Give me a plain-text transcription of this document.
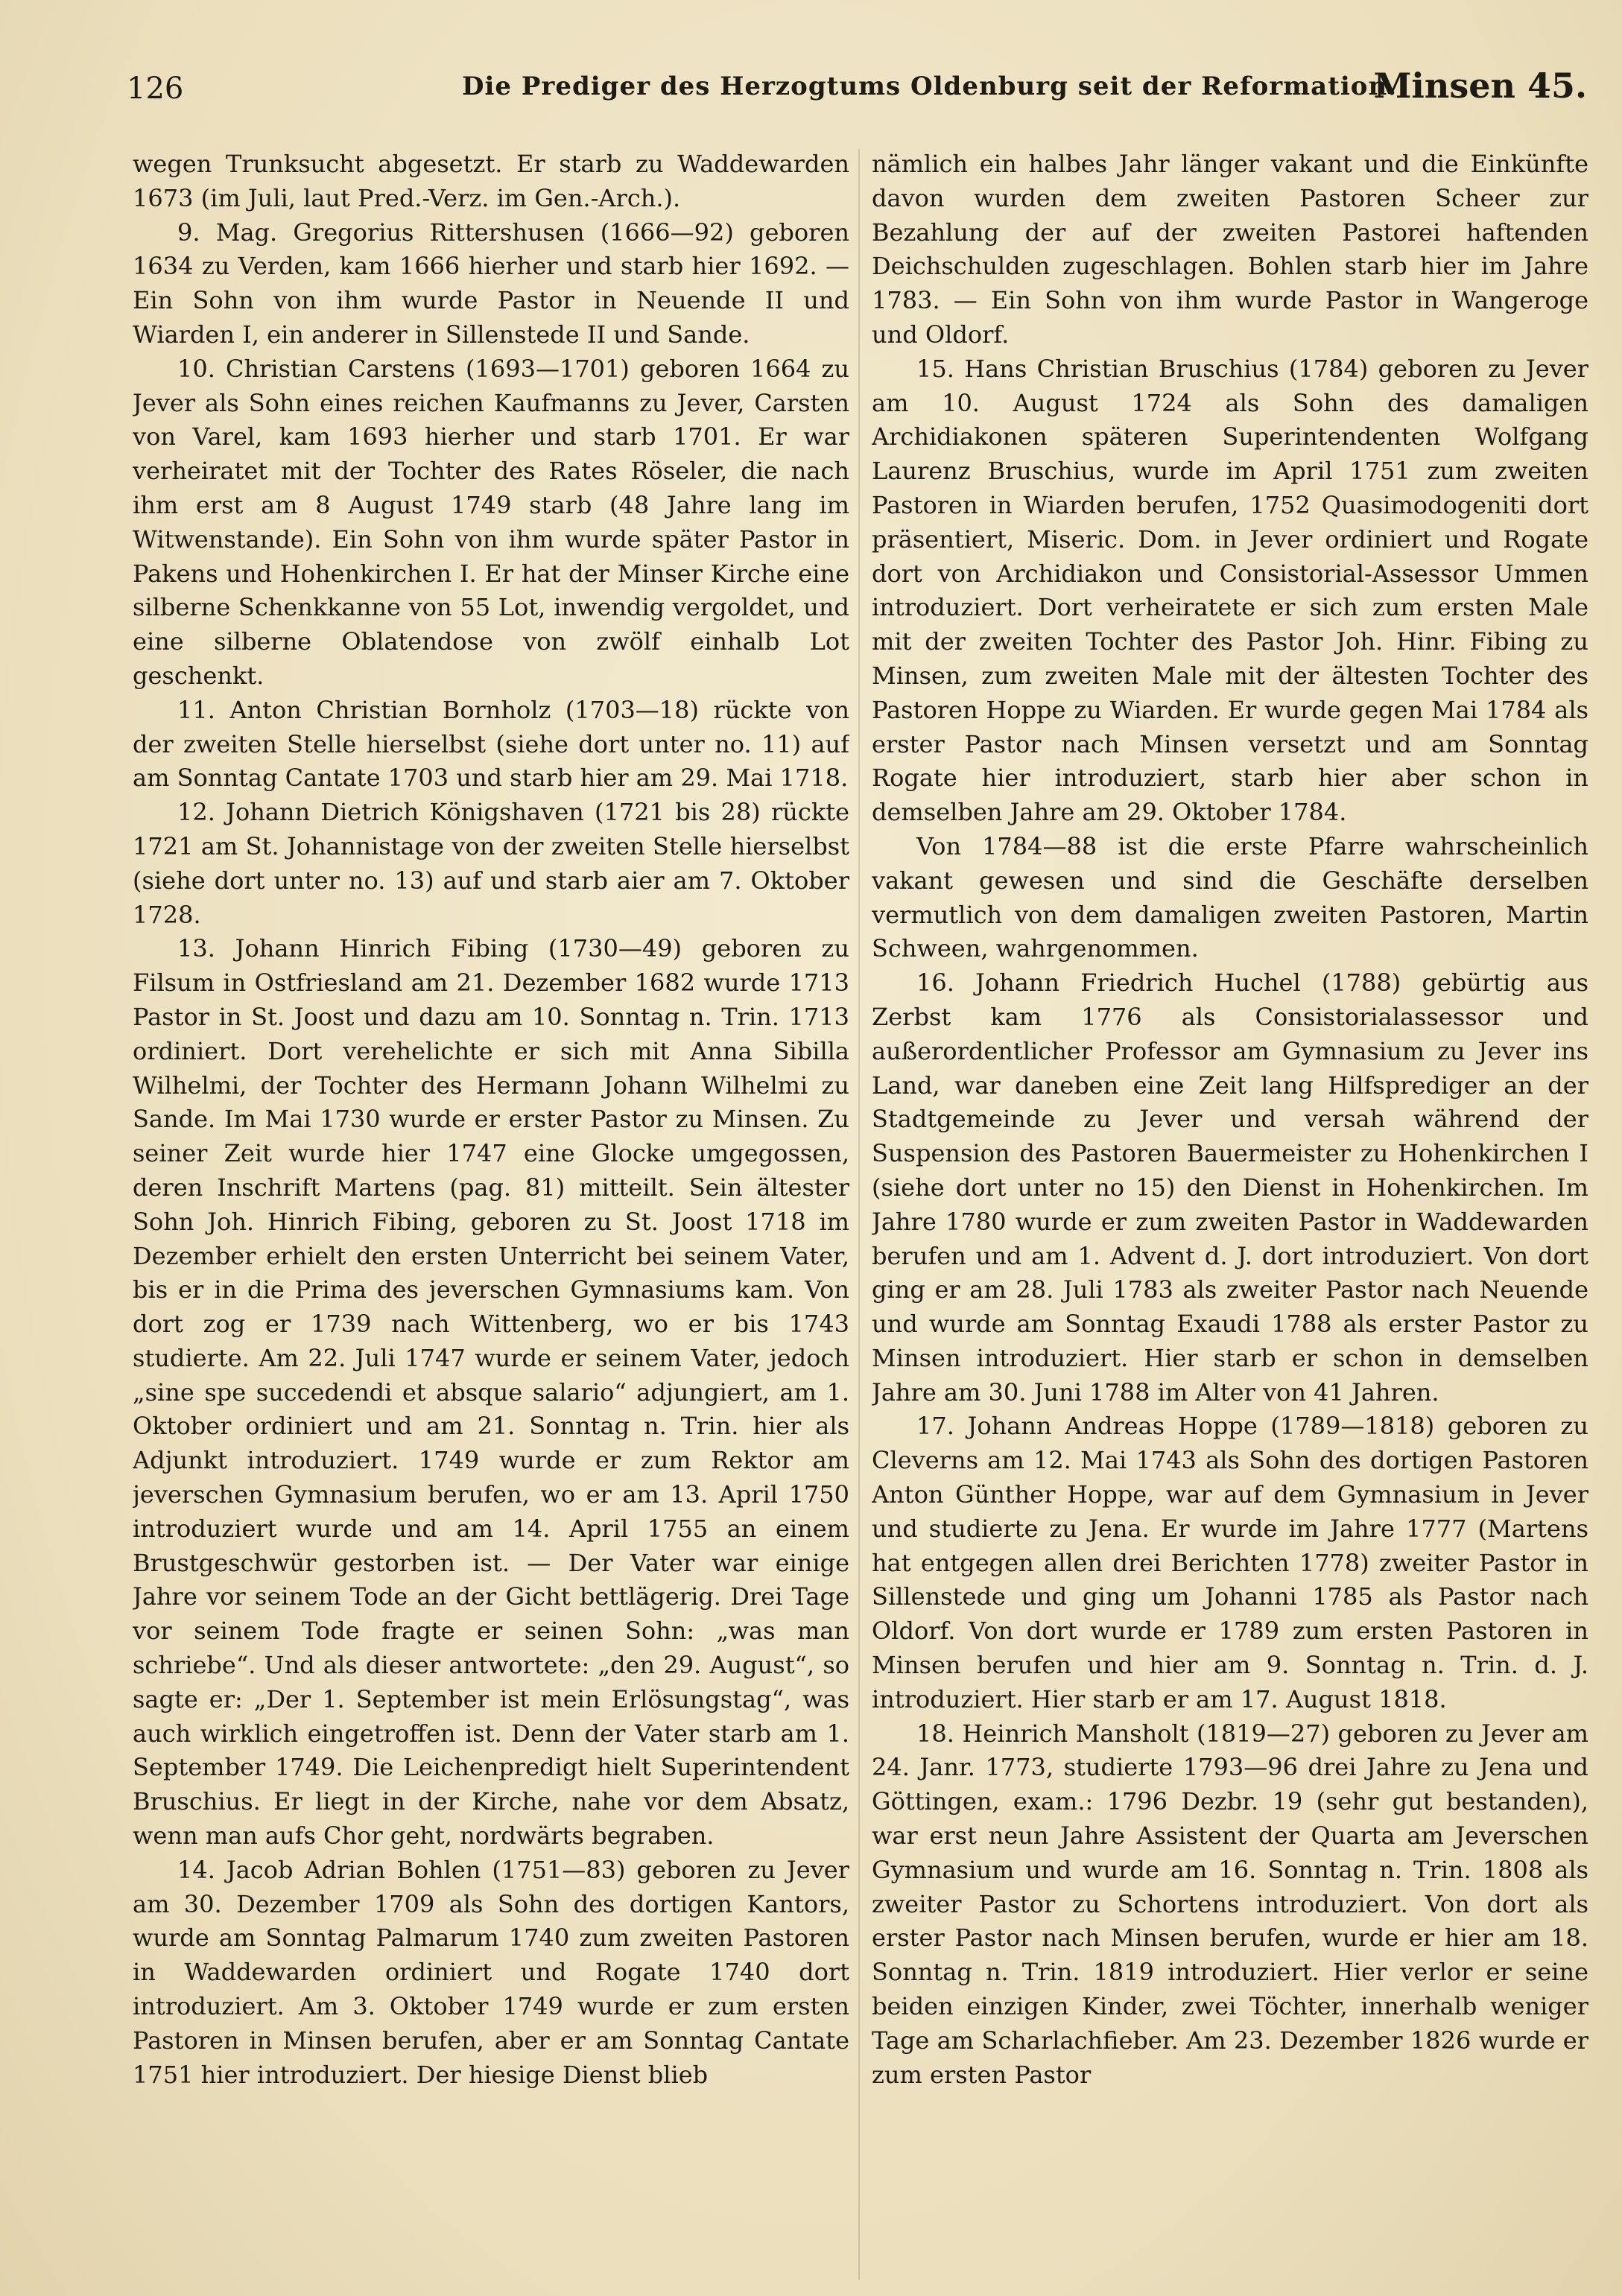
126	Die Prediger des Herzogtums Oldenburg seit der Reformation.
Minsen 45.

wegen Trunksucht abgesetzt. Er starb zu Waddewarden 1673 (im Juli, laut Pred.-Verz. im Gen.-Arch.).

9. Mag. Gregorius Rittershusen (1666—92) geboren 1634 zu Verden, kam 1666 hierher und starb hier 1692. — Ein Sohn von ihm wurde Pastor in Neuende II und Wiarden I, ein anderer in Sillenstede II und Sande.

10. Christian Carstens (1693—1701) geboren 1664 zu Jever als Sohn eines reichen Kaufmanns zu Jever, Carsten von Varel, kam 1693 hierher und starb 1701. Er war verheiratet mit der Tochter des Rates Röseler, die nach ihm erst am 8 August 1749 starb (48 Jahre lang im Witwenstande). Ein Sohn von ihm wurde später Pastor in Pakens und Hohenkirchen I. Er hat der Minser Kirche eine silberne Schenkkanne von 55 Lot, inwendig vergoldet, und eine silberne Oblatendose von zwölf einhalb Lot geschenkt.

11. Anton Christian Bornholz (1703—18) rückte von der zweiten Stelle hierselbst (siehe dort unter no. 11) auf am Sonntag Cantate 1703 und starb hier am 29. Mai 1718.

12. Johann Dietrich Königshaven (1721 bis 28) rückte 1721 am St. Johannistage von der zweiten Stelle hierselbst (siehe dort unter no. 13) auf und starb aier am 7. Oktober 1728.

13. Johann Hinrich Fibing (1730—49) geboren zu Filsum in Ostfriesland am 21. Dezember 1682 wurde 1713 Pastor in St. Joost und dazu am 10. Sonntag n. Trin. 1713 ordiniert. Dort verehelichte er sich mit Anna Sibilla Wilhelmi, der Tochter des Hermann Johann Wilhelmi zu Sande. Im Mai 1730 wurde er erster Pastor zu Minsen. Zu seiner Zeit wurde hier 1747 eine Glocke umgegossen, deren Inschrift Martens (pag. 81) mitteilt. Sein ältester Sohn Joh. Hinrich Fibing, geboren zu St. Joost 1718 im Dezember erhielt den ersten Unterricht bei seinem Vater, bis er in die Prima des jeverschen Gymnasiums kam. Von dort zog er 1739 nach Wittenberg, wo er bis 1743 studierte. Am 22. Juli 1747 wurde er seinem Vater, jedoch „sine spe succedendi et absque salario“ adjungiert, am 1. Oktober ordiniert und am 21. Sonntag n. Trin. hier als Adjunkt introduziert. 1749 wurde er zum Rektor am jeverschen Gymnasium berufen, wo er am 13. April 1750 introduziert wurde und am 14. April 1755 an einem Brustgeschwür gestorben ist. — Der Vater war einige Jahre vor seinem Tode an der Gicht bettlägerig. Drei Tage vor seinem Tode fragte er seinen Sohn: „was man schriebe“. Und als dieser antwortete: „den 29. August“, so sagte er: „Der 1. September ist mein Erlösungstag“, was auch wirklich eingetroffen ist. Denn der Vater starb am 1. September 1749. Die Leichenpredigt hielt Superintendent Bruschius. Er liegt in der Kirche, nahe vor dem Absatz, wenn man aufs Chor geht, nordwärts begraben.

14. Jacob Adrian Bohlen (1751—83) geboren zu Jever am 30. Dezember 1709 als Sohn des dortigen Kantors, wurde am Sonntag Palmarum 1740 zum zweiten Pastoren in Waddewarden ordiniert und Rogate 1740 dort introduziert. Am 3. Oktober 1749 wurde er zum ersten Pastoren in Minsen berufen, aber er am Sonntag Cantate 1751 hier introduziert. Der hiesige Dienst blieb

nämlich ein halbes Jahr länger vakant und die Einkünfte davon wurden dem zweiten Pastoren Scheer zur Bezahlung der auf der zweiten Pastorei haftenden Deichschulden zugeschlagen. Bohlen starb hier im Jahre 1783. — Ein Sohn von ihm wurde Pastor in Wangeroge und Oldorf.

15. Hans Christian Bruschius (1784) geboren zu Jever am 10. August 1724 als Sohn des damaligen Archidiakonen späteren Superintendenten Wolfgang Laurenz Bruschius, wurde im April 1751 zum zweiten Pastoren in Wiarden berufen, 1752 Quasimodogeniti dort präsentiert, Miseric. Dom. in Jever ordiniert und Rogate dort von Archidiakon und Consistorial-Assessor Ummen introduziert. Dort verheiratete er sich zum ersten Male mit der zweiten Tochter des Pastor Joh. Hinr. Fibing zu Minsen, zum zweiten Male mit der ältesten Tochter des Pastoren Hoppe zu Wiarden. Er wurde gegen Mai 1784 als erster Pastor nach Minsen versetzt und am Sonntag Rogate hier introduziert, starb hier aber schon in demselben Jahre am 29. Oktober 1784.

Von 1784—88 ist die erste Pfarre wahrscheinlich vakant gewesen und sind die Geschäfte derselben vermutlich von dem damaligen zweiten Pastoren, Martin Schween, wahrgenommen.

16. Johann Friedrich Huchel (1788) gebürtig aus Zerbst kam 1776 als Consistorialassessor und außerordentlicher Professor am Gymnasium zu Jever ins Land, war daneben eine Zeit lang Hilfsprediger an der Stadtgemeinde zu Jever und versah während der Suspension des Pastoren Bauermeister zu Hohenkirchen I (siehe dort unter no 15) den Dienst in Hohenkirchen. Im Jahre 1780 wurde er zum zweiten Pastor in Waddewarden berufen und am 1. Advent d. J. dort introduziert. Von dort ging er am 28. Juli 1783 als zweiter Pastor nach Neuende und wurde am Sonntag Exaudi 1788 als erster Pastor zu Minsen introduziert. Hier starb er schon in demselben Jahre am 30. Juni 1788 im Alter von 41 Jahren.

17. Johann Andreas Hoppe (1789—1818) geboren zu Cleverns am 12. Mai 1743 als Sohn des dortigen Pastoren Anton Günther Hoppe, war auf dem Gymnasium in Jever und studierte zu Jena. Er wurde im Jahre 1777 (Martens hat entgegen allen drei Berichten 1778) zweiter Pastor in Sillenstede und ging um Johanni 1785 als Pastor nach Oldorf. Von dort wurde er 1789 zum ersten Pastoren in Minsen berufen und hier am 9. Sonntag n. Trin. d. J. introduziert. Hier starb er am 17. August 1818.

18. Heinrich Mansholt (1819—27) geboren zu Jever am 24. Janr. 1773, studierte 1793—96 drei Jahre zu Jena und Göttingen, exam.: 1796 Dezbr. 19 (sehr gut bestanden), war erst neun Jahre Assistent der Quarta am Jeverschen Gymnasium und wurde am 16. Sonntag n. Trin. 1808 als zweiter Pastor zu Schortens introduziert. Von dort als erster Pastor nach Minsen berufen, wurde er hier am 18. Sonntag n. Trin. 1819 introduziert. Hier verlor er seine beiden einzigen Kinder, zwei Töchter, innerhalb weniger Tage am Scharlachfieber. Am 23. Dezember 1826 wurde er zum ersten Pastor
